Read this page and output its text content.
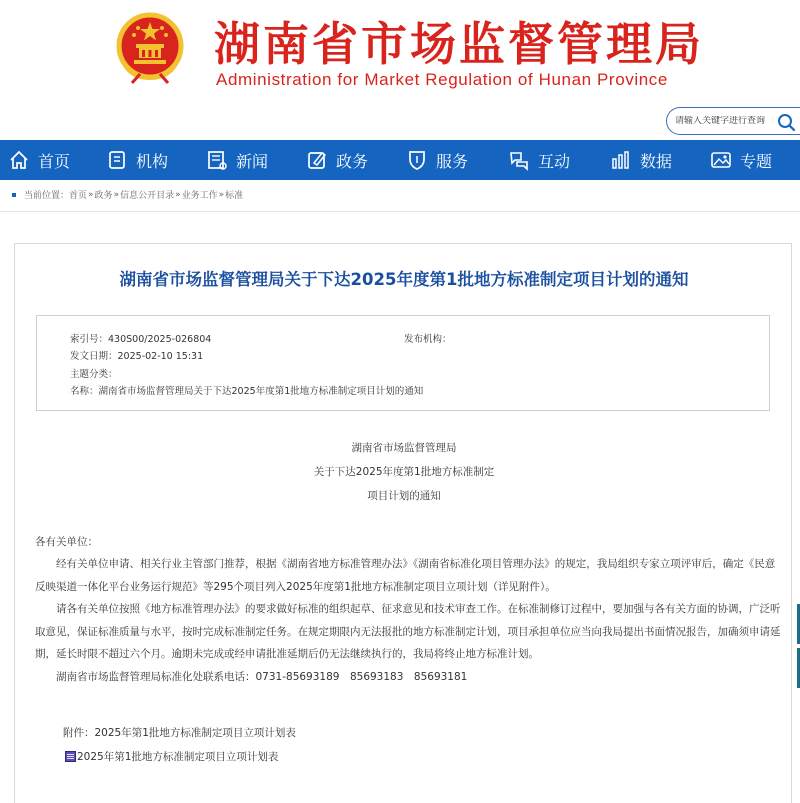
湖南省市场监督管理局
Administration for Market Regulation of Hunan Province
请输入关键字进行查询
首页	机构	新闻	政务	服务	互动	数据	专题
当前位置： 首页 » 政务 » 信息公开目录 » 业务工作 » 标准
湖南省市场监督管理局关于下达2025年度第1批地方标准制定项目计划的通知
索引号：430S00/2025-026804	发布机构：
发文日期：2025-02-10 15:31
主题分类：
名称：湖南省市场监督管理局关于下达2025年度第1批地方标准制定项目计划的通知
湖南省市场监督管理局
关于下达2025年度第1批地方标准制定
项目计划的通知
各有关单位：

经有关单位申请、相关行业主管部门推荐，根据《湖南省地方标准管理办法》《湖南省标准化项目管理办法》的规定，我局组织专家立项评审后，确定《民意反映渠道一体化平台业务运行规范》等295个项目列入2025年度第1批地方标准制定项目立项计划（详见附件）。

请各有关单位按照《地方标准管理办法》的要求做好标准的组织起草、征求意见和技术审查工作。在标准制修订过程中，要加强与各有关方面的协调，广泛听取意见，保证标准质量与水平，按时完成标准制定任务。在规定期限内无法报批的地方标准制定计划，项目承担单位应当向我局提出书面情况报告，加确须申请延期，延长时限不超过六个月。逾期未完成或经申请批准延期后仍无法继续执行的，我局将终止地方标准计划。

湖南省市场监督管理局标准化处联系电话：0731-85693189　85693183　85693181

附件：2025年第1批地方标准制定项目立项计划表
2025年第1批地方标准制定项目立项计划表
